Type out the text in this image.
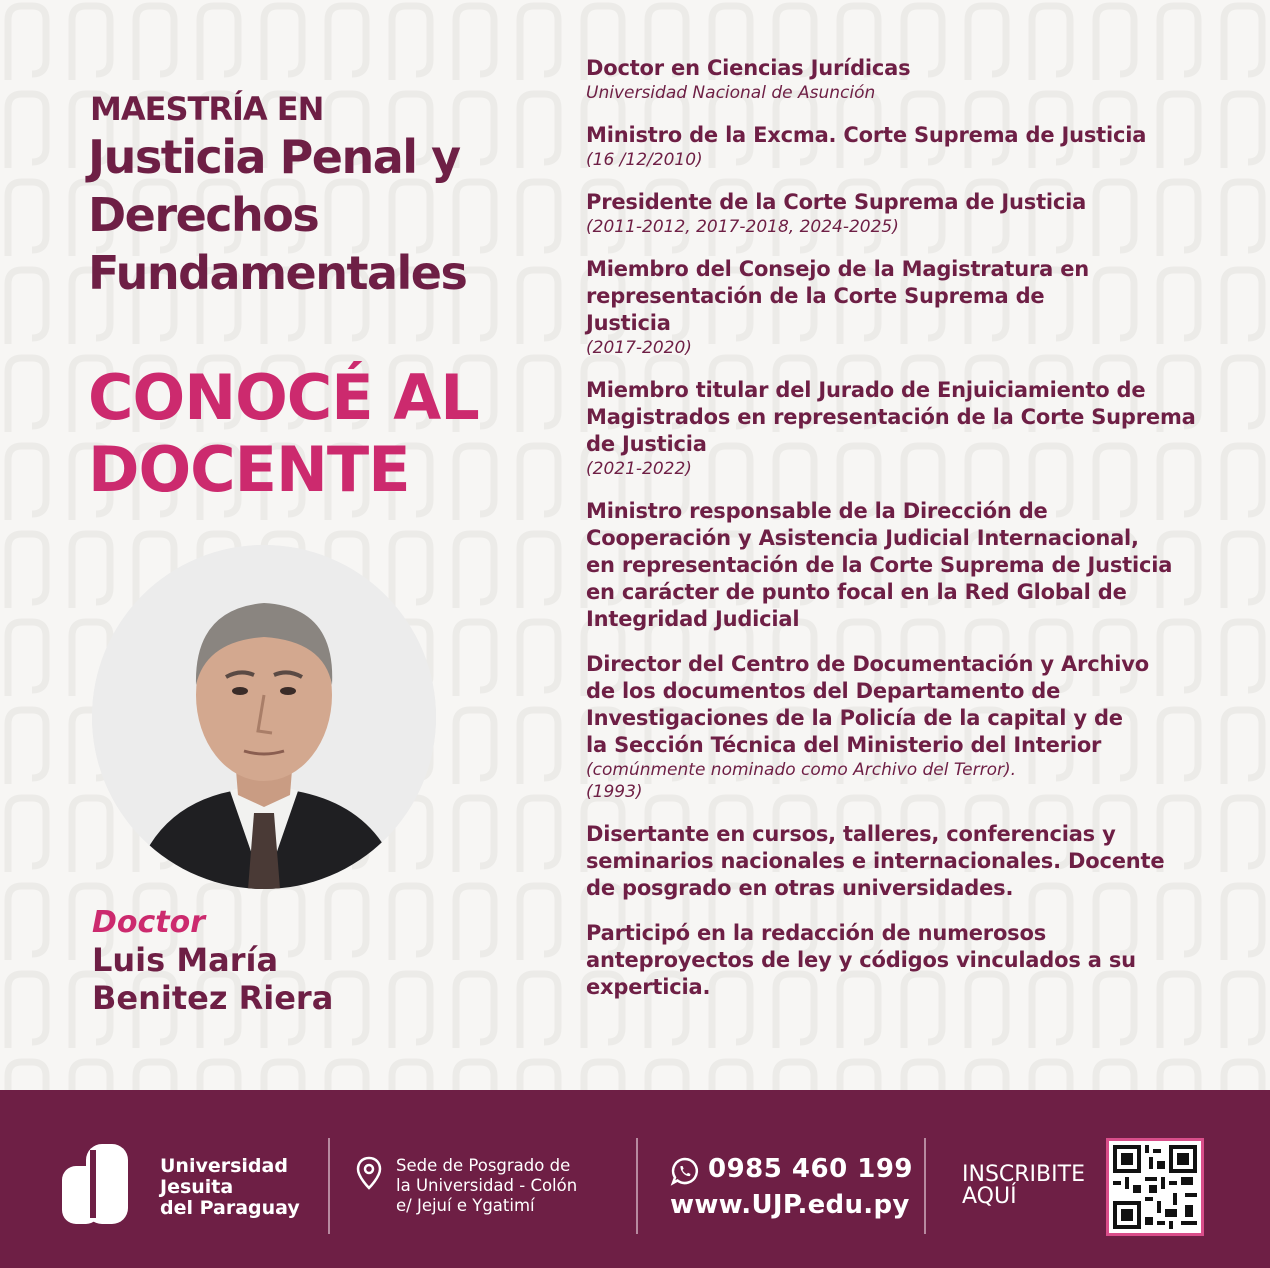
MAESTRÍA EN
Justicia Penal y
Derechos
Fundamentales
CONOCÉ AL
DOCENTE
Doctor
Luis María
Benitez Riera
Doctor en Ciencias Jurídicas
Universidad Nacional de Asunción
Ministro de la Excma. Corte Suprema de Justicia
(16 /12/2010)
Presidente de la Corte Suprema de Justicia
(2011-2012, 2017-2018, 2024-2025)
Miembro del Consejo de la Magistratura en
representación de la Corte Suprema de
Justicia
(2017-2020)
Miembro titular del Jurado de Enjuiciamiento de
Magistrados en representación de la Corte Suprema
de Justicia
(2021-2022)
Ministro responsable de la Dirección de
Cooperación y Asistencia Judicial Internacional,
en representación de la Corte Suprema de Justicia
en carácter de punto focal en la Red Global de
Integridad Judicial
Director del Centro de Documentación y Archivo
de los documentos del Departamento de
Investigaciones de la Policía de la capital y de
la Sección Técnica del Ministerio del Interior
(comúnmente nominado como Archivo del Terror).
(1993)
Disertante en cursos, talleres, conferencias y
seminarios nacionales e internacionales. Docente
de posgrado en otras universidades.
Participó en la redacción de numerosos
anteproyectos de ley y códigos vinculados a su
experticia.
Universidad
Jesuita
del Paraguay
Sede de Posgrado de
la Universidad - Colón
e/ Jejuí e Ygatimí
0985 460 199
www.UJP.edu.py
INSCRIBITE
AQUÍ
